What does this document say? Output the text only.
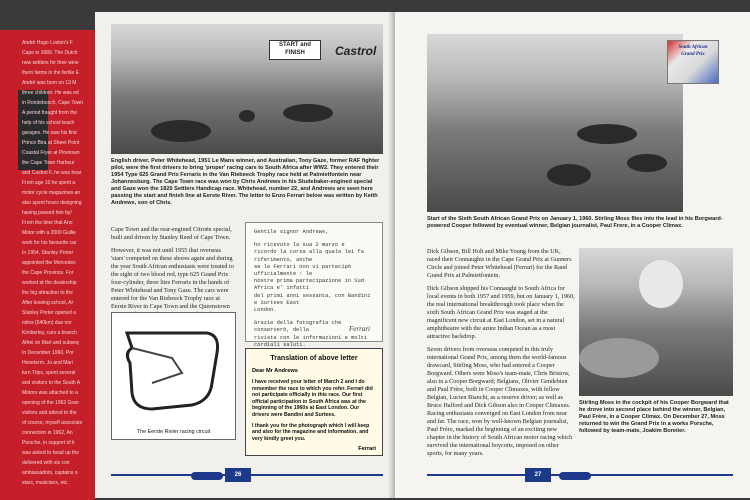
André Hugo Loxton's F
Cape in 1689. The Dutch
new settlers for their wine
them farms in the fertile E
André was born on 13 M
three children. He was ed
in Rondebosch, Cape Town
A period fraught from the
help of his school teach
garages. He saw his first
Prince Bira at Sheet Point
Coastal Fryer at Pinetown
the Cape Town Harbour
and Castrol F, he was hear
From age 10 he spent a
motor cycle magazines an
also spent hours designing
having passed him by!
From the time that Ano
Motor with a 2000 Gullie
work for his favourite car
In 1954, Stanley Porter
appointed the Mercedes
the Cape Province. For
worked at the dealership
the big attraction to the
After leaving school, Ar
Stanley Porter opened a
miles (640km) due nor
Kimberley, cars a branch
Alfrei on Marl and subseq
In December 1960, Por
Heneterm. Jo and Mari
turn Trips, spent several
and visitors to the South A
Motors was attached to a
opening of the 1962 Gran
visitors and attend to the
of course, myself associate
connection in 1962, An
Porsche, in support of it
was asked to head up the
delivered with six con
ambassadors, captains o
stars, musicians, etc.
START and
FINISH	Castrol
English driver, Peter Whitehead, 1951 Le Mans winner, and Australian, Tony Gaze, former RAF fighter pilot, were the first drivers to bring 'proper' racing cars to South Africa after WW2. They entered their 1954 Type 625 Grand Prix Ferraris in the Van Riebeeck Trophy race held at Palmietfontein near Johannesburg. The Cape Town race was won by Chris Andrews in his Studebaker-engined special and Gaze won the 1820 Settlers Handicap race. Whitehead, number 22, and Andrews are seen here passing the start and finish line at Eerste River. The letter to Enzo Ferrari below was written by Keith Andrews, son of Chris.

Cape Town and the rear-engined Citroën special, built and driven by Stanley Reed of Cape Town.

However, it was not until 1955 that overseas 'stars' competed on these shores again and during the year South African enthusiasts were treated to the sight of two blood red, type 625 Grand Prix four-cylinder, three litre Ferraris in the hands of Peter Whitehead and Tony Gaze. The cars were entered for the Van Riebeeck Trophy race at Eerste River in Cape Town and the Queenstown

Gentile signor Andrews,
ho ricevuto la sua 2 marzo e
ricordo la corsa alla quale lei fa riferimento, anche
se le Ferrari non vi partecipò ufficialmente : le
nostre prima partecipazione in Sud Africa e' infatti
del primi anni sessanta, con Bandini e Surtees East
London.
Grazie della fotografia che conserverò, della
rivista con le informazioni e molti cordiali saluti.
Ferrari
The Eerste Rivier racing circuit
Translation of above letter
Dear Mr Andrews
I have received your letter of March 2 and I do remember the race to which you refer. Ferrari did not participate officially in this race. Our first official participation in South Africa was at the beginning of the 1960s at East London. Our drivers were Bandini and Surtees.
I thank you for the photograph which I will keep and also for the magazine and information, and very kindly greet you.
Ferrari
26
South African
Grand Prix
Start of the Sixth South African Grand Prix on January 1, 1960. Stirling Moss flies into the lead in his Borgward-powered Cooper followed by eventual winner, Belgian journalist, Paul Frere, in a Cooper Climax.

Dick Gibson, Bill Holt and Mike Young from the UK, raced their Connaughts in the Cape Grand Prix at Gunners Circle and joined Peter Whitehead (Ferrari) for the Rand Grand Prix at Palmietfontein.

Dick Gibson shipped his Connaught to South Africa for local events in both 1957 and 1959, but on January 1, 1960, the real international breakthrough took place when the sixth South African Grand Prix was staged at the magnificent new circuit at East London, set in a natural amphitheatre with the azure Indian Ocean as a most attractive backdrop.

Seven drivers from overseas competed in this truly international Grand Prix, among them the world-famous drawcard, Stirling Moss, who had entered a Cooper Borgward. Others were Moss's team-mate, Chris Bristow, also in a Cooper Borgward; Belgians, Olivier Gendebien and Paul Frère, both in Cooper Climaxes, with fellow Belgian, Lucien Bianchi, as a reserve driver; as well as Bruce Halford and Dick Gibson also in Cooper Climaxes. Racing enthusiasts converged on East London from near and far. The race, won by well-known Belgian journalist, Paul Frère, marked the beginning of an exciting new chapter in the history of South African motor racing which survived the international boycotts, imposed on other sports, for many years.

Stirling Moss in the cockpit of his Cooper Borgward that he drove into second place behind the winner, Belgian, Paul Frère, in a Cooper Climax. On December 27, Moss returned to win the Grand Prix in a works Porsche, followed by team-mate, Joakim Bonnier.
27
